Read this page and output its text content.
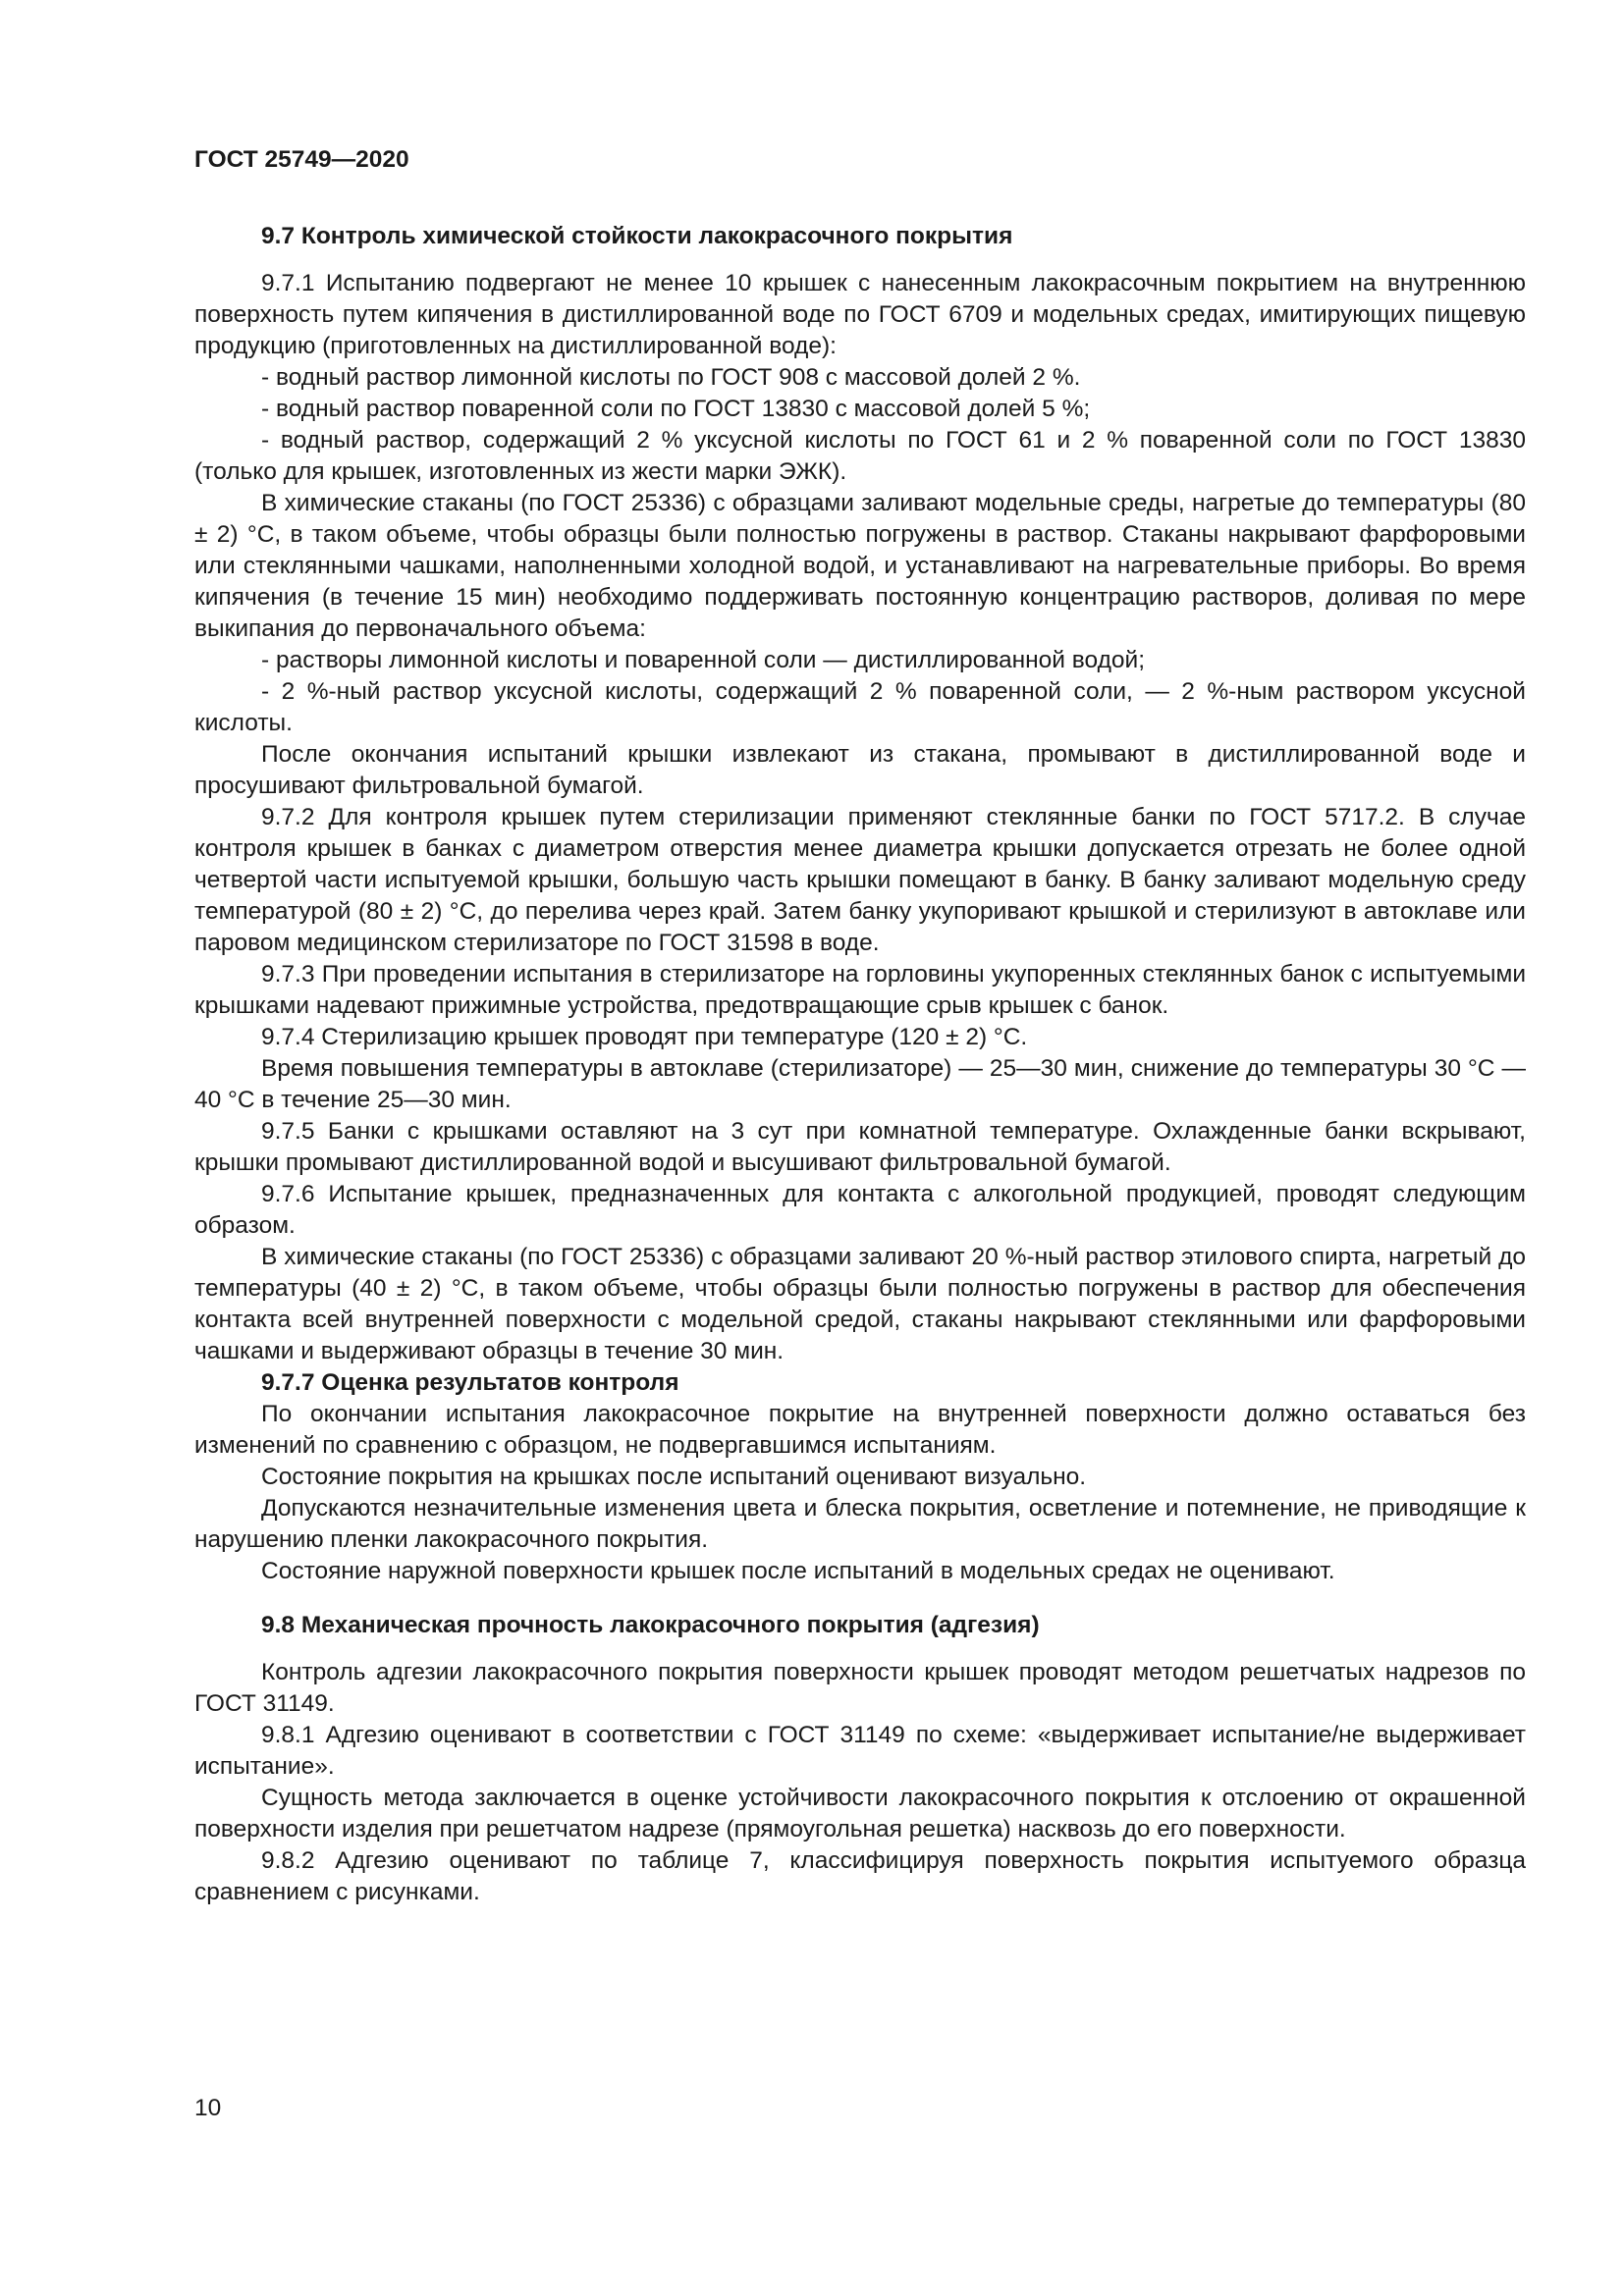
ГОСТ 25749—2020
9.7 Контроль химической стойкости лакокрасочного покрытия

9.7.1 Испытанию подвергают не менее 10 крышек с нанесенным лакокрасочным покрытием на внутреннюю поверхность путем кипячения в дистиллированной воде по ГОСТ 6709 и модельных средах, имитирующих пищевую продукцию (приготовленных на дистиллированной воде):

- водный раствор лимонной кислоты по ГОСТ 908 с массовой долей 2 %.

- водный раствор поваренной соли по ГОСТ 13830 с массовой долей 5 %;

- водный раствор, содержащий 2 % уксусной кислоты по ГОСТ 61 и 2 % поваренной соли по ГОСТ 13830 (только для крышек, изготовленных из жести марки ЭЖК).

В химические стаканы (по ГОСТ 25336) с образцами заливают модельные среды, нагретые до температуры (80 ± 2) °С, в таком объеме, чтобы образцы были полностью погружены в раствор. Стаканы накрывают фарфоровыми или стеклянными чашками, наполненными холодной водой, и устанавливают на нагревательные приборы. Во время кипячения (в течение 15 мин) необходимо поддерживать постоянную концентрацию растворов, доливая по мере выкипания до первоначального объема:

- растворы лимонной кислоты и поваренной соли — дистиллированной водой;

- 2 %-ный раствор уксусной кислоты, содержащий 2 % поваренной соли, — 2 %-ным раствором уксусной кислоты.

После окончания испытаний крышки извлекают из стакана, промывают в дистиллированной воде и просушивают фильтровальной бумагой.

9.7.2 Для контроля крышек путем стерилизации применяют стеклянные банки по ГОСТ 5717.2. В случае контроля крышек в банках с диаметром отверстия менее диаметра крышки допускается отрезать не более одной четвертой части испытуемой крышки, большую часть крышки помещают в банку. В банку заливают модельную среду температурой (80 ± 2) °С, до перелива через край. Затем банку укупоривают крышкой и стерилизуют в автоклаве или паровом медицинском стерилизаторе по ГОСТ 31598 в воде.

9.7.3 При проведении испытания в стерилизаторе на горловины укупоренных стеклянных банок с испытуемыми крышками надевают прижимные устройства, предотвращающие срыв крышек с банок.

9.7.4 Стерилизацию крышек проводят при температуре (120 ± 2) °С.

Время повышения температуры в автоклаве (стерилизаторе) — 25—30 мин, снижение до температуры 30 °С — 40 °С в течение 25—30 мин.

9.7.5 Банки с крышками оставляют на 3 сут при комнатной температуре. Охлажденные банки вскрывают, крышки промывают дистиллированной водой и высушивают фильтровальной бумагой.

9.7.6 Испытание крышек, предназначенных для контакта с алкогольной продукцией, проводят следующим образом.

В химические стаканы (по ГОСТ 25336) с образцами заливают 20 %-ный раствор этилового спирта, нагретый до температуры (40 ± 2) °С, в таком объеме, чтобы образцы были полностью погружены в раствор для обеспечения контакта всей внутренней поверхности с модельной средой, стаканы накрывают стеклянными или фарфоровыми чашками и выдерживают образцы в течение 30 мин.

9.7.7 Оценка результатов контроля

По окончании испытания лакокрасочное покрытие на внутренней поверхности должно оставаться без изменений по сравнению с образцом, не подвергавшимся испытаниям.

Состояние покрытия на крышках после испытаний оценивают визуально.

Допускаются незначительные изменения цвета и блеска покрытия, осветление и потемнение, не приводящие к нарушению пленки лакокрасочного покрытия.

Состояние наружной поверхности крышек после испытаний в модельных средах не оценивают.

9.8 Механическая прочность лакокрасочного покрытия (адгезия)

Контроль адгезии лакокрасочного покрытия поверхности крышек проводят методом решетчатых надрезов по ГОСТ 31149.

9.8.1 Адгезию оценивают в соответствии с ГОСТ 31149 по схеме: «выдерживает испытание/не выдерживает испытание».

Сущность метода заключается в оценке устойчивости лакокрасочного покрытия к отслоению от окрашенной поверхности изделия при решетчатом надрезе (прямоугольная решетка) насквозь до его поверхности.

9.8.2 Адгезию оценивают по таблице 7, классифицируя поверхность покрытия испытуемого образца сравнением с рисунками.

10
